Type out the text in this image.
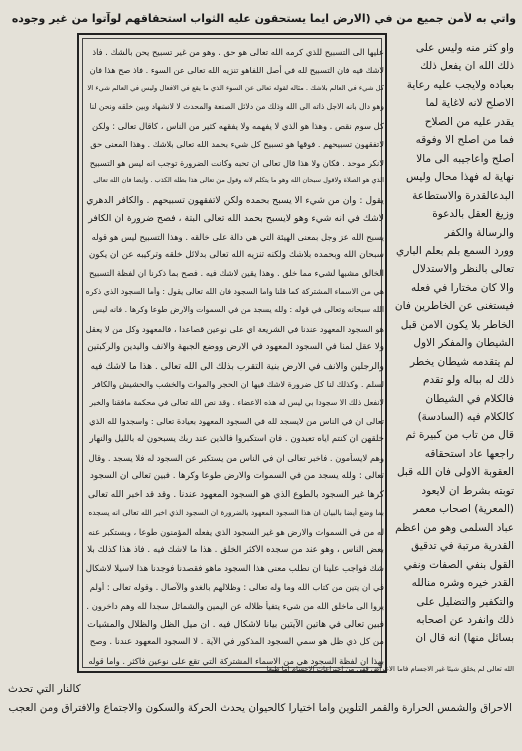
واتي به لأمن جميع من في (الارض ايما يستحقون عليه الثواب استحقاقهم لوآتوا من غير وجوده
عليها الى التسبيح للذي كرمه الله تعالى هو حق . وهو من غير تسبيح يحن بالشك . فاذ
لاشك فيه فان التسبيح لله في أصل اللفاهو تنزيه الله تعالى عن السوء . فاذ صح هذا فان
كل شيء في العالم بلاشك . مثاله لقوله تعالى عن السوء الذي ما يقع في الافعال وليس في العالم شيء الا
وهو دال بانه الاجل ذاته الى الله وذلك من دلائل الصنعة والمحدث لا لانشهاد وبين خلقه ونحن لنا
كل سوم نقص . وهذا هو الذي لا يفهمه ولا يفقهه كثير من الناس ، كاقال تعالى : ولكن
لاتفقهون تسبيحهم . فوقها هو تسبيح كل شيء بحمد الله تعالى بلاشك . وهذا المعنى حق
لانكر موحد . فكان ولا هذا قال تعالى ان تحبه وكانت الضرورة توجب انه ليس هو التسبيح
الذي هو الصلاة ولاقول سبحان الله وهو ما يتكلم لانه وقول من تعالى هذا بطله الكذب . وايضا فان الله تعالى
يقول : وان من شيء الا يسبح بحمده ولكن لاتفقهون تسبيحهم . والكافر الدهري
لاشك في انه شيء وهو لايسبح بحمد الله تعالى البتة ، فصح ضرورة ان الكافر
يسبح الله عز وجل بمعنى الهيئة التي هي دالة على خالقه . وهذا التسبيح ليس هو قوله
سبحان الله وبحمده بلاشك ولكنه تنزيه الله تعالى بدلائل خلقه وتركيبه عن ان يكون
الخالق مشبها لشيء مما خلق . وهذا يقين لاشك فيه . فصح بما ذكرنا ان لفظة التسبيح
هي من الاسماء المشتركة كما قلنا واما السجود فان الله تعالى يقول : وأما السجود الذي ذكره
الله سبحانه وتعالى في قوله : ولله يسجد من في السموات والارض طوعا وكرها . فانه ليس
هو السجود المعهود عندنا في الشريعة اي على نوعين قصاعدا ، فالمعهود وكل من لا يعقل
ولا عقل لمنا في السجود المعهود في الارض ووضع الجبهة والانف واليدين والركبتين
والرجلين والانف في الارض بنية التقرب بذلك الى الله تعالى . هذا ما لاشك فيه
لسلم . وكذلك لنا كل ضرورة لاشك فيها ان الحجر والموات والخشب والحشيش والكافر
لانفعل ذلك الا سجودا بي ليس له هذه الاعضاء . وقد نص الله تعالى في محكمة مافقنا والخبر
تعالى ان في الناس من لايسجد لله في السجود المعهود بعيادة تعالى : واسجدوا لله الذي
خلقهن ان كنتم اياه تعبدون . فان استكبروا فالذين عند ربك يسبحون له بالليل والنهار
وهم لايسأمون . فاخبر تعالى ان في الناس من يستكبر عن السجود له فلا يسجد . وقال
تعالى : ولله يسجد من في السموات والارض طوعا وكرها . فبين تعالى ان السجود
كرها غير السجود بالطوع الذي هو السجود المعهود عندنا . وقد قد اخبر الله تعالى
بما وضع أيضا بالبيان ان هذا السجود المعهود بالضرورة ان السجود الذي اخبر الله تعالى انه يسجده
له من في السموات والارض هو غير السجود الذي يفعله المؤمنون طوعا ، وبستكبر عنه
بعض الناس ، وهو عند من سجده الأكثر الخلق . هذا ما لاشك فيه . فاذ هذا كذلك بلا
شك فواجب علينا ان نطلب معنى هذا السجود ماهو فقصدنا فوجدنا هذا لاسيلا لاشكال
في ان يتين من كتاب الله وما وله تعالى : وظلالهم بالغدو والآصال . وقوله تعالى : أولم
يروا الى ماخلق الله من شيء يتفيأ ظلاله عن اليمين والشمائل سجدا لله وهم داخرون .
فبين تعالى في هاتين الآيتين بيانا لاشكال فيه . ان ميل الظل والظلال والمشيات
من كل ذي ظل هو سمي السجود المذكور في الآية . لا السجود المعهود عندنا . وصح
بهذا ان لفظة السجود هي من الاسماء المشتركة التي تقع على نوعين فاكثر . واما قوله
واو كثر منه وليس على
ذلك الله ان يفعل ذلك
بعباده ولايجب عليه رعاية
الاصلح لانه لاغاية لما
يقدر عليه من الصلاح
فما من اصلح الا وفوقه
أصلح وأعاجيبه الى مالا
نهاية له فهذا محال وليس
البدعالقدرة والاستطاعة
وزيغ العقل بالدعوة
والرسالة والكفر
وورد السمع بلم بعلم الباري
تعالى بالنظر والاستدلال
والا كان مختارا في فعله
فيستغنى عن الخاطرين فان
الخاطر بلا يكون الامن قبل
الشيطان والمفكر الاول
لم يتقدمه شيطان يخطر
ذلك له بباله ولو تقدم
فالكلام في الشيطان
كالكلام فيه (السادسة)
قال من تاب من كبيرة ثم
راجعها عاد استحقاقه
العقوبة الاولى فان الله قبل
توبته بشرط ان لايعود
(المعرية) اصحاب معمر
عباد السلمى وهو من اعظم
القدرية مرتبة في تدقيق
القول بنفي الصفات ونفي
القدر خيره وشره منالله
والتكفير والتضليل على
ذلك وانفرد عن اصحابه
بسائل منها) انه قال ان
الله تعالى لم يخلق شيئا غير الاجسام فاما الاعراض فهي من اختراعات الاجسام اما طبعا
كالنار التي تحدث
الاحراق والشمس الحرارة والقمر التلوين واما اختيارا كالحيوان يحدث الحركة والسكون والاجتماع والافتراق ومن العجب
